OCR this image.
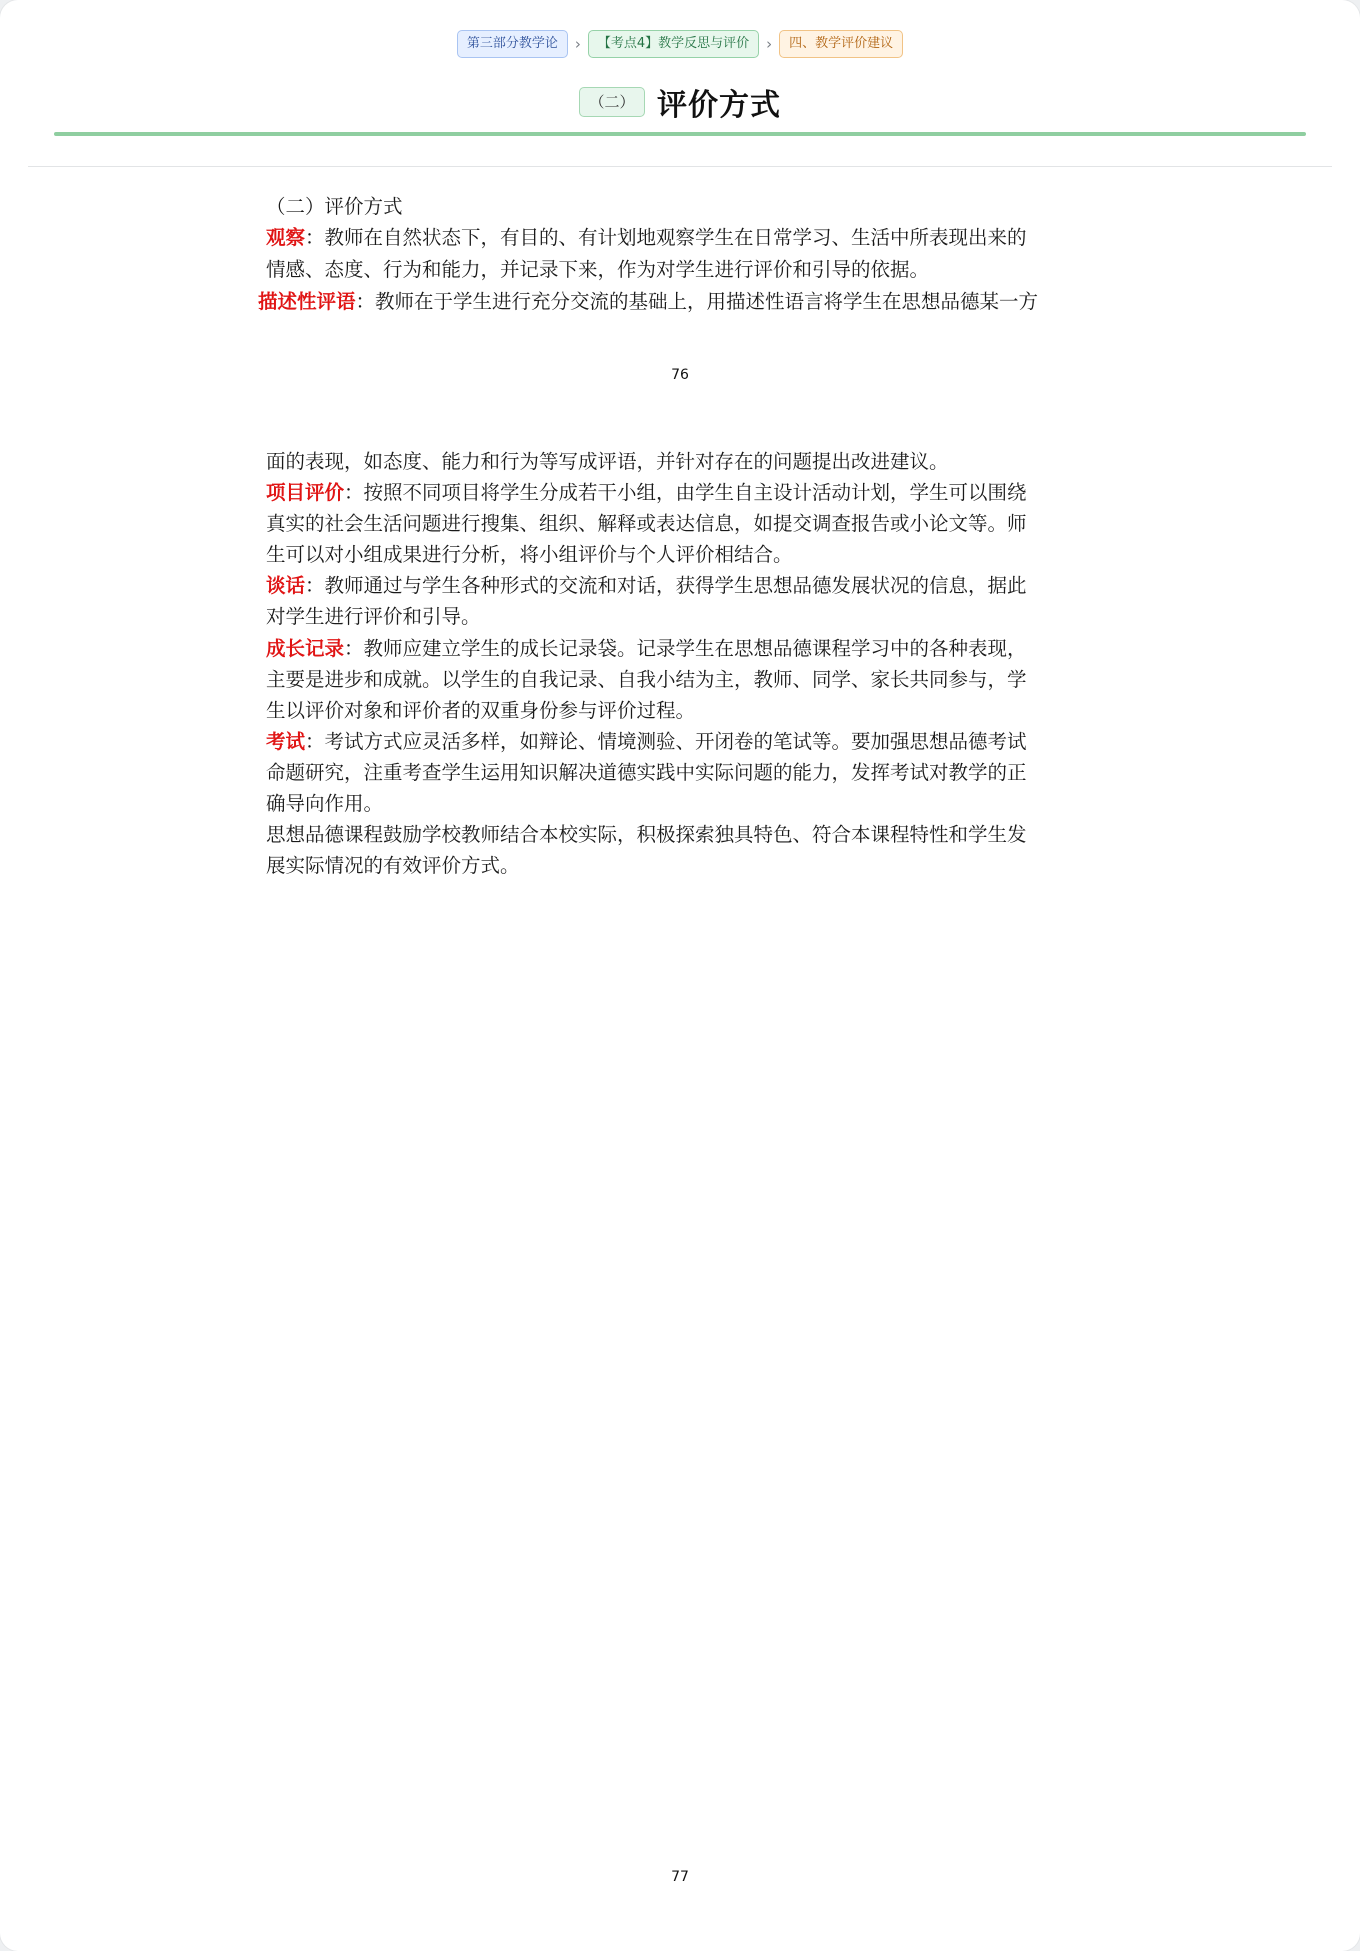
第三部分教学论	›	【考点4】教学反思与评价	›	四、教学评价建议
（二） 评价方式
（二）评价方式
观察：教师在自然状态下，有目的、有计划地观察学生在日常学习、生活中所表现出来的
情感、态度、行为和能力，并记录下来，作为对学生进行评价和引导的依据。
描述性评语：教师在于学生进行充分交流的基础上，用描述性语言将学生在思想品德某一方
76
面的表现，如态度、能力和行为等写成评语，并针对存在的问题提出改进建议。
项目评价：按照不同项目将学生分成若干小组，由学生自主设计活动计划，学生可以围绕
真实的社会生活问题进行搜集、组织、解释或表达信息，如提交调查报告或小论文等。师
生可以对小组成果进行分析，将小组评价与个人评价相结合。
谈话：教师通过与学生各种形式的交流和对话，获得学生思想品德发展状况的信息，据此
对学生进行评价和引导。
成长记录：教师应建立学生的成长记录袋。记录学生在思想品德课程学习中的各种表现，
主要是进步和成就。以学生的自我记录、自我小结为主，教师、同学、家长共同参与，学
生以评价对象和评价者的双重身份参与评价过程。
考试：考试方式应灵活多样，如辩论、情境测验、开闭卷的笔试等。要加强思想品德考试
命题研究，注重考查学生运用知识解决道德实践中实际问题的能力，发挥考试对教学的正
确导向作用。
思想品德课程鼓励学校教师结合本校实际，积极探索独具特色、符合本课程特性和学生发
展实际情况的有效评价方式。
77
